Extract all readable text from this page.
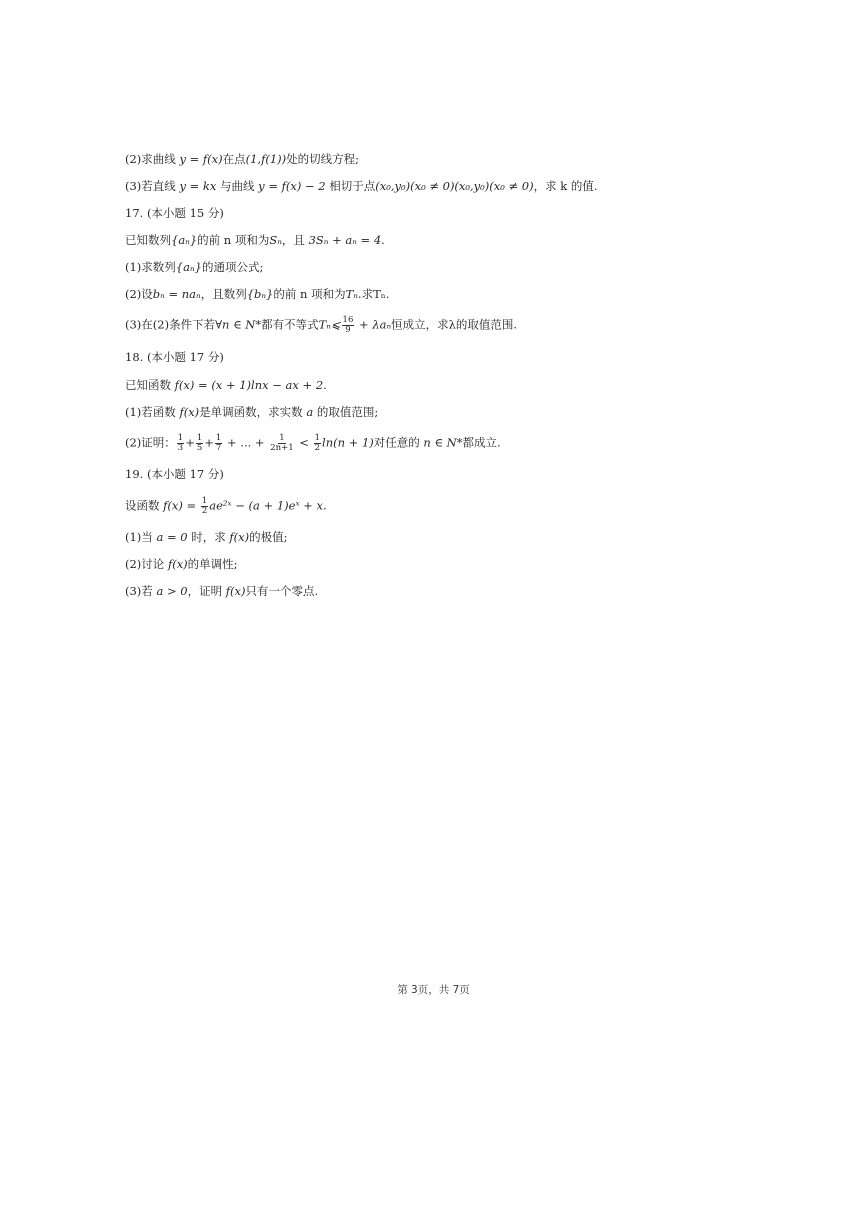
(2)求曲线 y = f(x)在点(1,f(1))处的切线方程;
(3)若直线 y = kx 与曲线 y = f(x) − 2 相切于点(x₀,y₀)(x₀ ≠ 0)(x₀,y₀)(x₀ ≠ 0)，求 k 的值.
17. (本小题 15 分)
已知数列{aₙ}的前 n 项和为Sₙ，且 3Sₙ + aₙ = 4.
(1)求数列{aₙ}的通项公式;
(2)设bₙ = naₙ，且数列{bₙ}的前 n 项和为Tₙ.求Tₙ.
(3)在(2)条件下若∀n ∈ N*都有不等式Tₙ⩽ $\frac{16}{9} + \lambda a_n$恒成立，求λ的取值范围.
18. (本小题 17 分)
已知函数 f(x) = (x + 1)lnx − ax + 2.
(1)若函数 f(x)是单调函数，求实数 a 的取值范围;
(2)证明： $\frac{1}{3} + \frac{1}{5} + \frac{1}{7}$ + ... + $\frac{1}{2n+1} < \frac{1}{2} \ln(n + 1)$对任意的 n ∈ N*都成立.
19. (本小题 17 分)
设函数 $f(x) = \frac{1}{2}$ ae²ˣ − (a + 1)eˣ + x.
(1)当 a = 0 时，求 f(x)的极值;
(2)讨论 f(x)的单调性;
(3)若 a > 0，证明 f(x)只有一个零点.
第 3页，共 7页
